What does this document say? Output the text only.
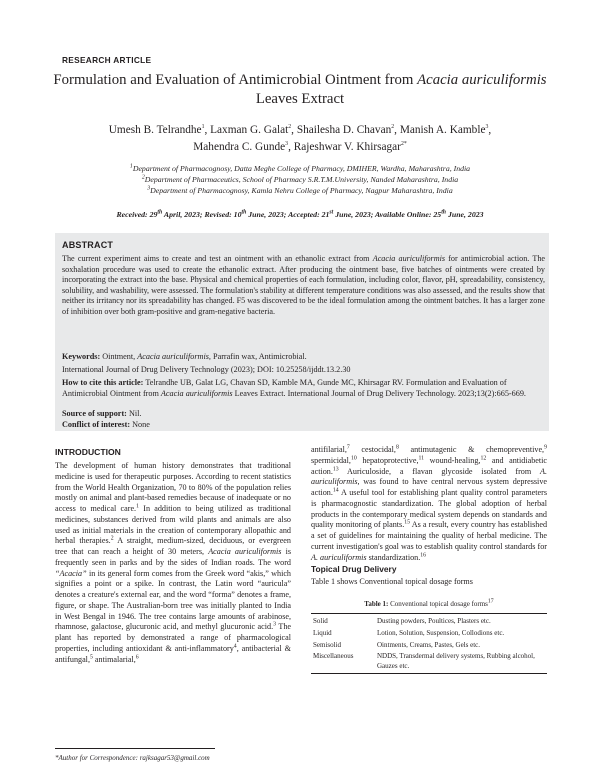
RESEARCH ARTICLE
Formulation and Evaluation of Antimicrobial Ointment from Acacia auriculiformis Leaves Extract
Umesh B. Telrandhe$^1$, Laxman G. Galat$^2$, Shailesha D. Chavan$^2$, Manish A. Kamble$^3$,
Mahendra C. Gunde$^3$, Rajeshwar V. Khirsagar$^{2*}$
$^1$Department of Pharmacognosy, Datta Meghe College of Pharmacy, DMIHER, Wardha, Maharashtra, India
$^2$Department of Pharmaceutics, School of Pharmacy S.R.T.M.University, Nanded Maharashtra, India
$^3$Department of Pharmacognosy, Kamla Nehru College of Pharmacy, Nagpur Maharashtra, India
Received: 29th April, 2023; Revised: 10th June, 2023; Accepted: 21st June, 2023; Available Online: 25th June, 2023
ABSTRACT
The current experiment aims to create and test an ointment with an ethanolic extract from Acacia auriculiformis for antimicrobial action. The soxhalation procedure was used to create the ethanolic extract. After producing the ointment base, five batches of ointments were created by incorporating the extract into the base. Physical and chemical properties of each formulation, including color, flavor, pH, spreadability, consistency, solubility, and washability, were assessed. The formulation's stability at different temperature conditions was also assessed, and the results show that neither its irritancy nor its spreadability has changed. F5 was discovered to be the ideal formulation among the ointment batches. It has a larger zone of inhibition over both gram-positive and gram-negative bacteria.
Keywords: Ointment, Acacia auriculiformis, Parrafin wax, Antimicrobial.
International Journal of Drug Delivery Technology (2023); DOI: 10.25258/ijddt.13.2.30
How to cite this article: Telrandhe UB, Galat LG, Chavan SD, Kamble MA, Gunde MC, Khirsagar RV. Formulation and Evaluation of Antimicrobial Ointment from Acacia auriculiformis Leaves Extract. International Journal of Drug Delivery Technology. 2023;13(2):665-669.
Source of support: Nil.
Conflict of interest: None
INTRODUCTION
The development of human history demonstrates that traditional medicine is used for therapeutic purposes. According to recent statistics from the World Health Organization, 70 to 80% of the population relies mostly on animal and plant-based remedies because of inadequate or no access to medical care.$^1$ In addition to being utilized as traditional medicines, substances derived from wild plants and animals are also used as initial materials in the creation of contemporary allopathic and herbal therapies.$^2$ A straight, medium-sized, deciduous, or evergreen tree that can reach a height of 30 meters, Acacia auriculiformis is frequently seen in parks and by the sides of Indian roads. The word “Acacia” in its general form comes from the Greek word “akis,” which signifies a point or a spike. In contrast, the Latin word “auricula” denotes a creature's external ear, and the word “forma” denotes a frame, figure, or shape. The Australian-born tree was initially planted to India in West Bengal in 1946. The tree contains large amounts of arabinose, rhamnose, galactose, glucuronic acid, and methyl glucuronic acid.$^3$ The plant has reported by demonstrated a range of pharmacological properties, including antioxidant & anti-inflammatory$^4$, antibacterial & antifungal,$^5$ antimalarial,$^6$
antifilarial,$^7$ cestocidal,$^8$ antimutagenic & chemopreventive,$^9$ spermicidal,$^{10}$ hepatoprotective,$^{11}$ wound-healing,$^{12}$ and antidiabetic action.$^{13}$ Auriculoside, a flavan glycoside isolated from A. auriculiformis, was found to have central nervous system depressive action.$^{14}$ A useful tool for establishing plant quality control parameters is pharmacognostic standardization. The global adoption of herbal products in the contemporary medical system depends on standards and quality monitoring of plants.$^{15}$ As a result, every country has established a set of guidelines for maintaining the quality of herbal medicine. The current investigation's goal was to establish quality control standards for A. auriculiformis standardization.$^{16}$
Topical Drug Delivery
Table 1 shows Conventional topical dosage forms
Table 1: Conventional topical dosage forms$^{17}$
Solid	Dusting powders, Poultices, Plasters etc.
Liquid	Lotion, Solution, Suspension, Collodions etc.
Semisolid	Ointments, Creams, Pastes, Gels etc.
Miscellaneous	NDDS, Transdermal delivery systems, Rubbing alcohol, Gauzes etc.
*Author for Correspondence: rajksagar53@gmail.com
